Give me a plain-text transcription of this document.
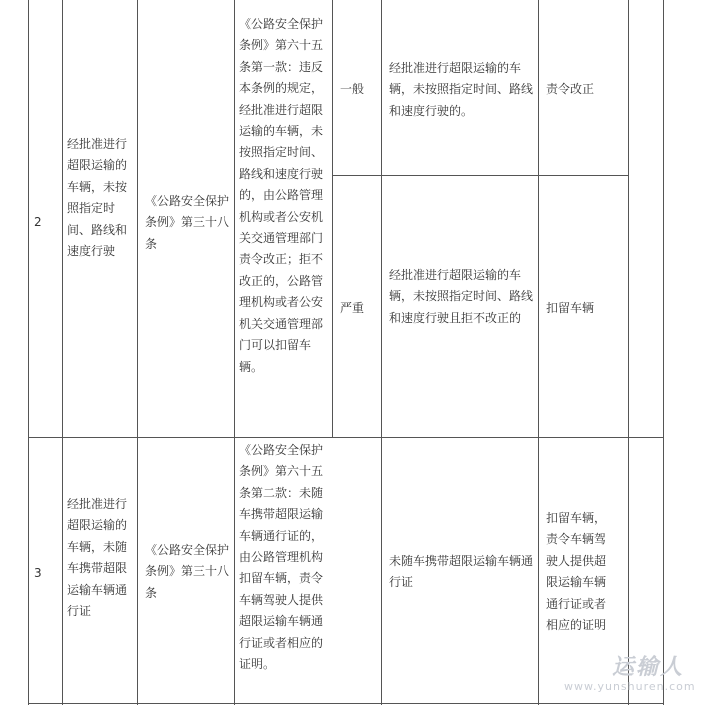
2
经批准进行超限运输的车辆，未按照指定时间、路线和速度行驶
《公路安全保护条例》第三十八条
《公路安全保护条例》第六十五条第一款：违反本条例的规定，经批准进行超限运输的车辆，未按照指定时间、路线和速度行驶的，由公路管理机构或者公安机关交通管理部门责令改正；拒不改正的，公路管理机构或者公安机关交通管理部门可以扣留车辆。
一般
经批准进行超限运输的车辆，未按照指定时间、路线和速度行驶的。
责令改正
严重
经批准进行超限运输的车辆，未按照指定时间、路线和速度行驶且拒不改正的
扣留车辆
3
经批准进行超限运输的车辆，未随车携带超限运输车辆通行证
《公路安全保护条例》第三十八条
《公路安全保护条例》第六十五条第二款：未随车携带超限运输车辆通行证的，由公路管理机构扣留车辆，责令车辆驾驶人提供超限运输车辆通行证或者相应的证明。
未随车携带超限运输车辆通行证
扣留车辆，责令车辆驾驶人提供超限运输车辆通行证或者相应的证明
运输人
www.yunshuren.com
